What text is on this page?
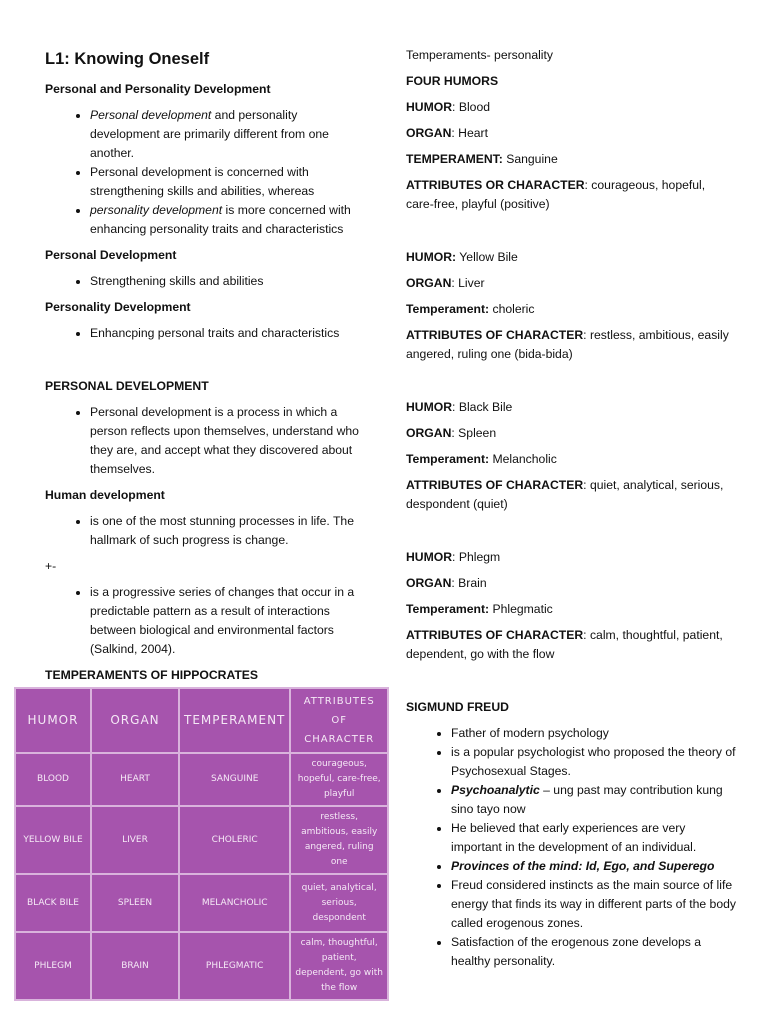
L1: Knowing Oneself
Personal and Personality Development
• Personal development and personality development are primarily different from one another.
• Personal development is concerned with strengthening skills and abilities, whereas
• personality development is more concerned with enhancing personality traits and characteristics
Personal Development
• Strengthening skills and abilities
Personality Development
• Enhancping personal traits and characteristics
PERSONAL DEVELOPMENT
• Personal development is a process in which a person reflects upon themselves, understand who they are, and accept what they discovered about themselves.
Human development
• is one of the most stunning processes in life. The hallmark of such progress is change.

+-

• is a progressive series of changes that occur in a predictable pattern as a result of interactions between biological and environmental factors (Salkind, 2004).
TEMPERAMENTS OF HIPPOCRATES
HUMOR	ORGAN	TEMPERAMENT	ATTRIBUTES OF CHARACTER
BLOOD	HEART	SANGUINE	courageous, hopeful, care-free, playful
YELLOW BILE	LIVER	CHOLERIC	restless, ambitious, easily angered, ruling one
BLACK BILE	SPLEEN	MELANCHOLIC	quiet, analytical, serious, despondent
PHLEGM	BRAIN	PHLEGMATIC	calm, thoughtful, patient, dependent, go with the flow

Temperaments- personality

FOUR HUMORS

HUMOR: Blood

ORGAN: Heart

TEMPERAMENT: Sanguine

ATTRIBUTES OR CHARACTER: courageous, hopeful, care-free, playful (positive)

HUMOR: Yellow Bile

ORGAN: Liver

Temperament: choleric

ATTRIBUTES OF CHARACTER: restless, ambitious, easily angered, ruling one (bida-bida)

HUMOR: Black Bile

ORGAN: Spleen

Temperament: Melancholic

ATTRIBUTES OF CHARACTER: quiet, analytical, serious, despondent (quiet)

HUMOR: Phlegm

ORGAN: Brain

Temperament: Phlegmatic

ATTRIBUTES OF CHARACTER: calm, thoughtful, patient, dependent, go with the flow

SIGMUND FREUD
• Father of modern psychology
• is a popular psychologist who proposed the theory of Psychosexual Stages.
• Psychoanalytic – ung past may contribution kung sino tayo now
• He believed that early experiences are very important in the development of an individual.
• Provinces of the mind: Id, Ego, and Superego
• Freud considered instincts as the main source of life energy that finds its way in different parts of the body called erogenous zones.
• Satisfaction of the erogenous zone develops a healthy personality.
